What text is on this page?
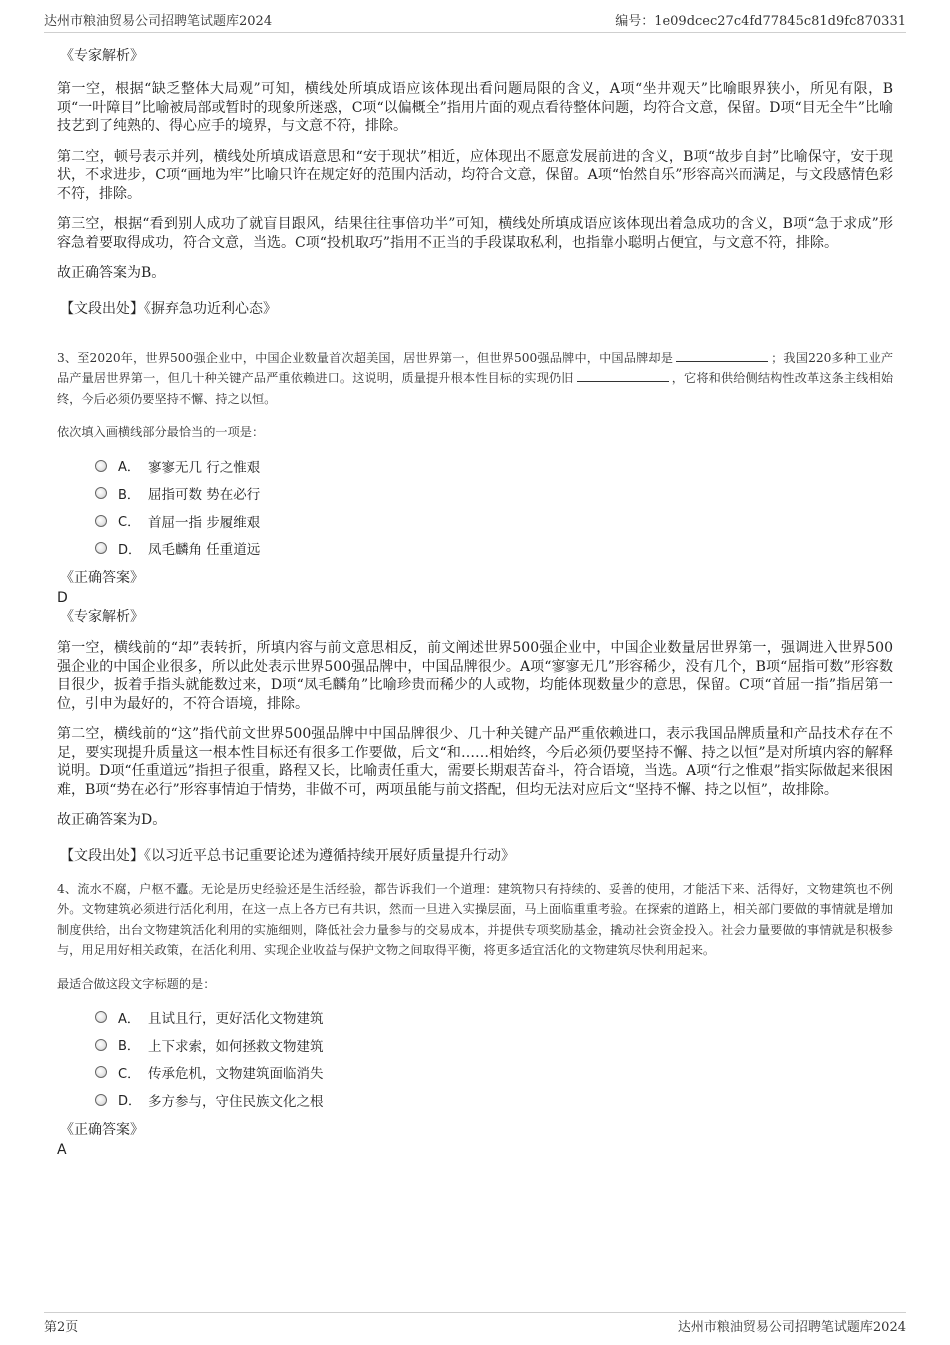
达州市粮油贸易公司招聘笔试题库2024	编号：1e09dcec27c4fd77845c81d9fc870331
《专家解析》

第一空，根据“缺乏整体大局观”可知，横线处所填成语应该体现出看问题局限的含义，A项“坐井观天”比喻眼界狭小，所见有限，B项“一叶障目”比喻被局部或暂时的现象所迷惑，C项“以偏概全”指用片面的观点看待整体问题，均符合文意，保留。D项“目无全牛”比喻技艺到了纯熟的、得心应手的境界，与文意不符，排除。

第二空，顿号表示并列，横线处所填成语意思和“安于现状”相近，应体现出不愿意发展前进的含义，B项“故步自封”比喻保守，安于现状，不求进步，C项“画地为牢”比喻只许在规定好的范围内活动，均符合文意，保留。A项“怡然自乐”形容高兴而满足，与文段感情色彩不符，排除。

第三空，根据“看到别人成功了就盲目跟风，结果往往事倍功半”可知，横线处所填成语应该体现出着急成功的含义，B项“急于求成”形容急着要取得成功，符合文意，当选。C项“投机取巧”指用不正当的手段谋取私利，也指靠小聪明占便宜，与文意不符，排除。

故正确答案为B。

【文段出处】《摒弃急功近利心态》

3、至2020年，世界500强企业中，中国企业数量首次超美国，居世界第一，但世界500强品牌中，中国品牌却是	；我国220多种工业产品产量居世界第一，但几十种关键产品严重依赖进口。这说明，质量提升根本性目标的实现仍旧	，它将和供给侧结构性改革这条主线相始终，今后必须仍要坚持不懈、持之以恒。

依次填入画横线部分最恰当的一项是：

A． 寥寥无几 行之惟艰
B． 屈指可数 势在必行
C． 首屈一指 步履维艰
D． 凤毛麟角 任重道远
《正确答案》
D
《专家解析》

第一空，横线前的“却”表转折，所填内容与前文意思相反，前文阐述世界500强企业中，中国企业数量居世界第一，强调进入世界500强企业的中国企业很多，所以此处表示世界500强品牌中，中国品牌很少。A项“寥寥无几”形容稀少，没有几个，B项“屈指可数”形容数目很少，扳着手指头就能数过来，D项“凤毛麟角”比喻珍贵而稀少的人或物，均能体现数量少的意思，保留。C项“首屈一指”指居第一位，引申为最好的，不符合语境，排除。

第二空，横线前的“这”指代前文世界500强品牌中中国品牌很少、几十种关键产品严重依赖进口，表示我国品牌质量和产品技术存在不足，要实现提升质量这一根本性目标还有很多工作要做，后文“和……相始终，今后必须仍要坚持不懈、持之以恒”是对所填内容的解释说明。D项“任重道远”指担子很重，路程又长，比喻责任重大，需要长期艰苦奋斗，符合语境，当选。A项“行之惟艰”指实际做起来很困难，B项“势在必行”形容事情迫于情势，非做不可，两项虽能与前文搭配，但均无法对应后文“坚持不懈、持之以恒”，故排除。

故正确答案为D。

【文段出处】《以习近平总书记重要论述为遵循持续开展好质量提升行动》

4、流水不腐，户枢不蠹。无论是历史经验还是生活经验，都告诉我们一个道理：建筑物只有持续的、妥善的使用，才能活下来、活得好，文物建筑也不例外。文物建筑必须进行活化利用，在这一点上各方已有共识，然而一旦进入实操层面，马上面临重重考验。在探索的道路上，相关部门要做的事情就是增加制度供给，出台文物建筑活化利用的实施细则，降低社会力量参与的交易成本，并提供专项奖励基金，撬动社会资金投入。社会力量要做的事情就是积极参与，用足用好相关政策，在活化利用、实现企业收益与保护文物之间取得平衡，将更多适宜活化的文物建筑尽快利用起来。

最适合做这段文字标题的是：

A． 且试且行，更好活化文物建筑
B． 上下求索，如何拯救文物建筑
C． 传承危机，文物建筑面临消失
D． 多方参与，守住民族文化之根
《正确答案》
A
第2页	达州市粮油贸易公司招聘笔试题库2024
